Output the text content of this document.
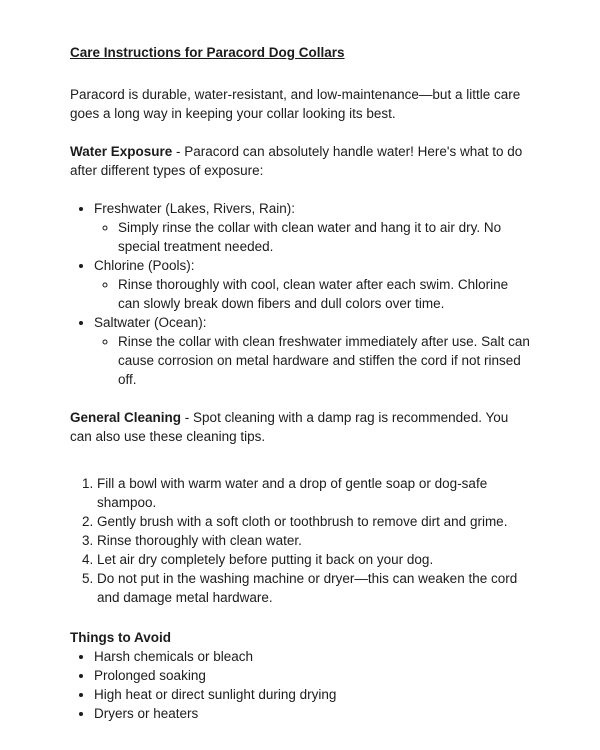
Care Instructions for Paracord Dog Collars

Paracord is durable, water-resistant, and low-maintenance—but a little care goes a long way in keeping your collar looking its best.

Water Exposure - Paracord can absolutely handle water! Here's what to do after different types of exposure:

• Freshwater (Lakes, Rivers, Rain):
◦ Simply rinse the collar with clean water and hang it to air dry. No special treatment needed.
• Chlorine (Pools):
◦ Rinse thoroughly with cool, clean water after each swim. Chlorine can slowly break down fibers and dull colors over time.
• Saltwater (Ocean):
◦ Rinse the collar with clean freshwater immediately after use. Salt can cause corrosion on metal hardware and stiffen the cord if not rinsed off.

General Cleaning - Spot cleaning with a damp rag is recommended. You can also use these cleaning tips.

1. Fill a bowl with warm water and a drop of gentle soap or dog-safe shampoo.
2. Gently brush with a soft cloth or toothbrush to remove dirt and grime.
3. Rinse thoroughly with clean water.
4. Let air dry completely before putting it back on your dog.
5. Do not put in the washing machine or dryer—this can weaken the cord and damage metal hardware.

Things to Avoid

• Harsh chemicals or bleach
• Prolonged soaking
• High heat or direct sunlight during drying
• Dryers or heaters
